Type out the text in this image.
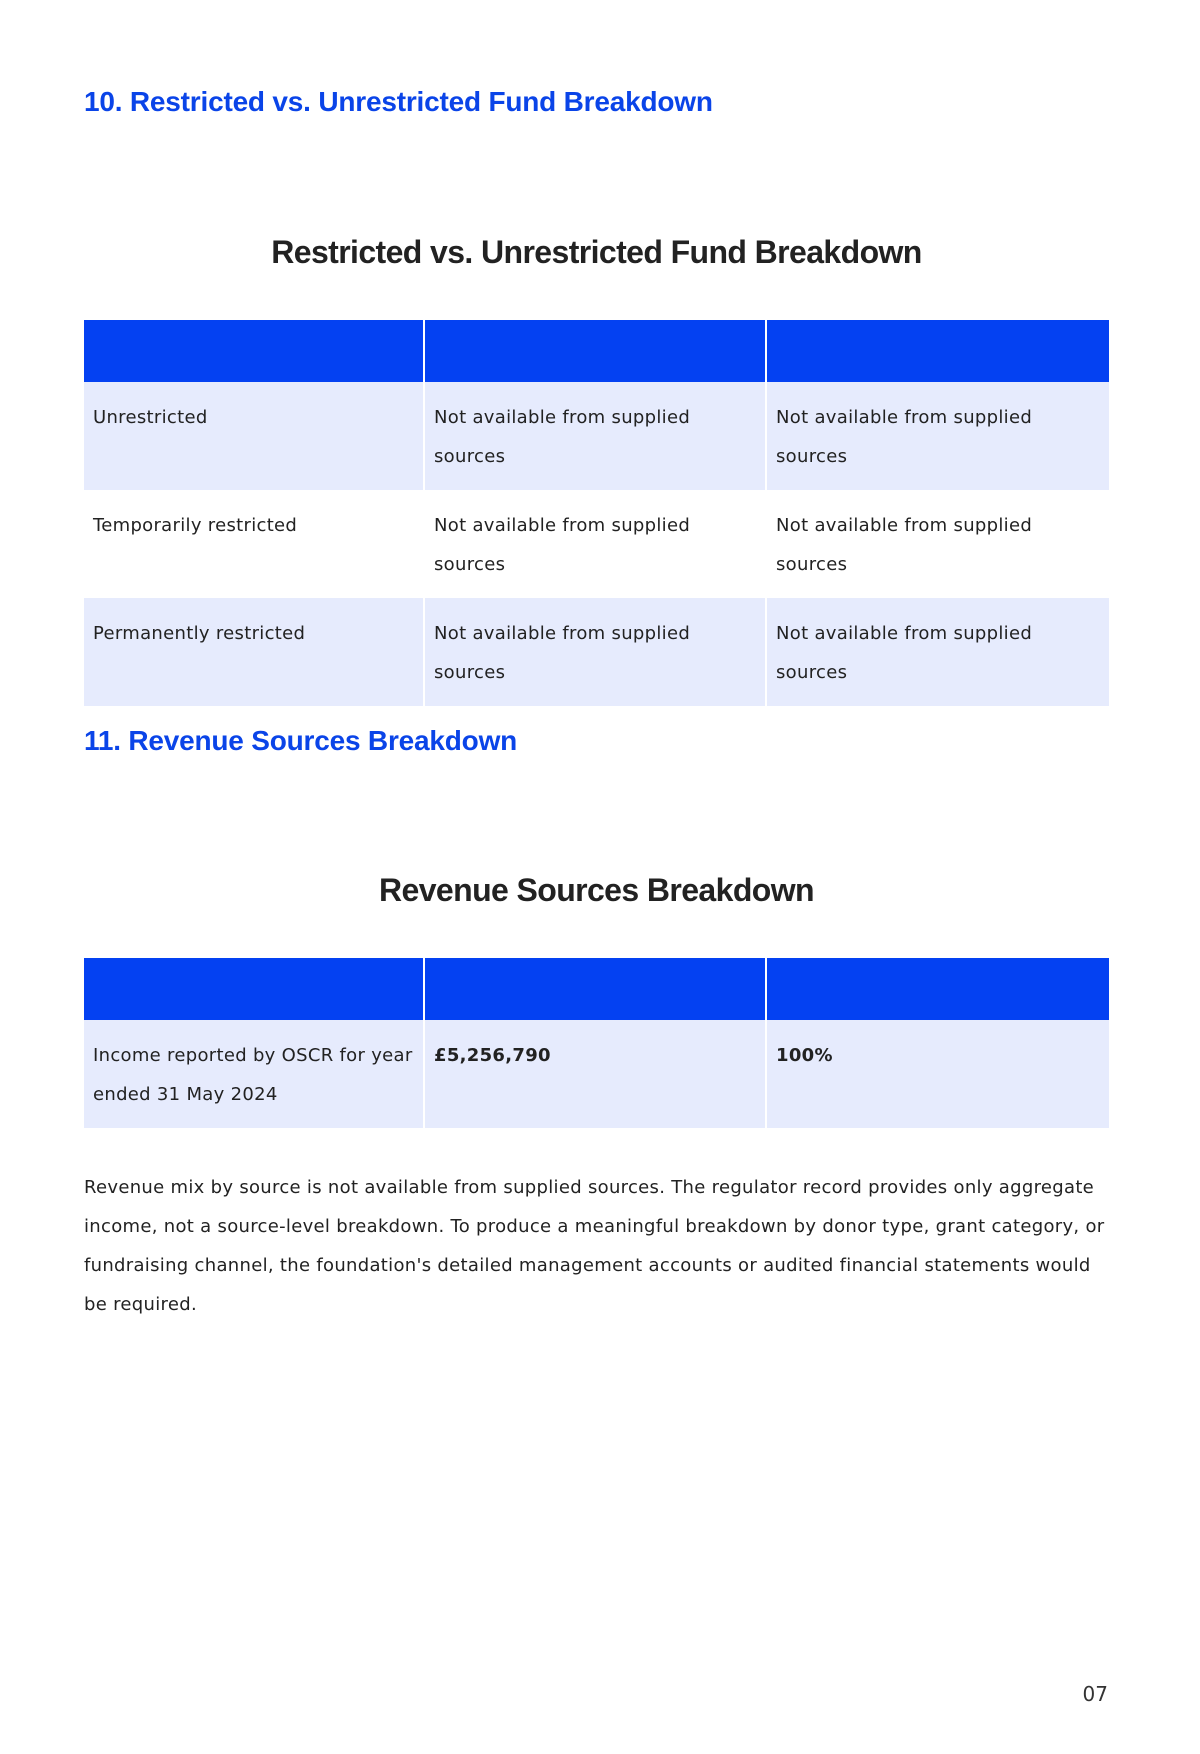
10. Restricted vs. Unrestricted Fund Breakdown
Restricted vs. Unrestricted Fund Breakdown

Unrestricted	Not available from supplied sources	Not available from supplied sources
Temporarily restricted	Not available from supplied sources	Not available from supplied sources
Permanently restricted	Not available from supplied sources	Not available from supplied sources
11. Revenue Sources Breakdown
Revenue Sources Breakdown

Income reported by OSCR for year ended 31 May 2024	£5,256,790	100%

Revenue mix by source is not available from supplied sources. The regulator record provides only aggregate income, not a source-level breakdown. To produce a meaningful breakdown by donor type, grant category, or fundraising channel, the foundation's detailed management accounts or audited financial statements would be required.

07
